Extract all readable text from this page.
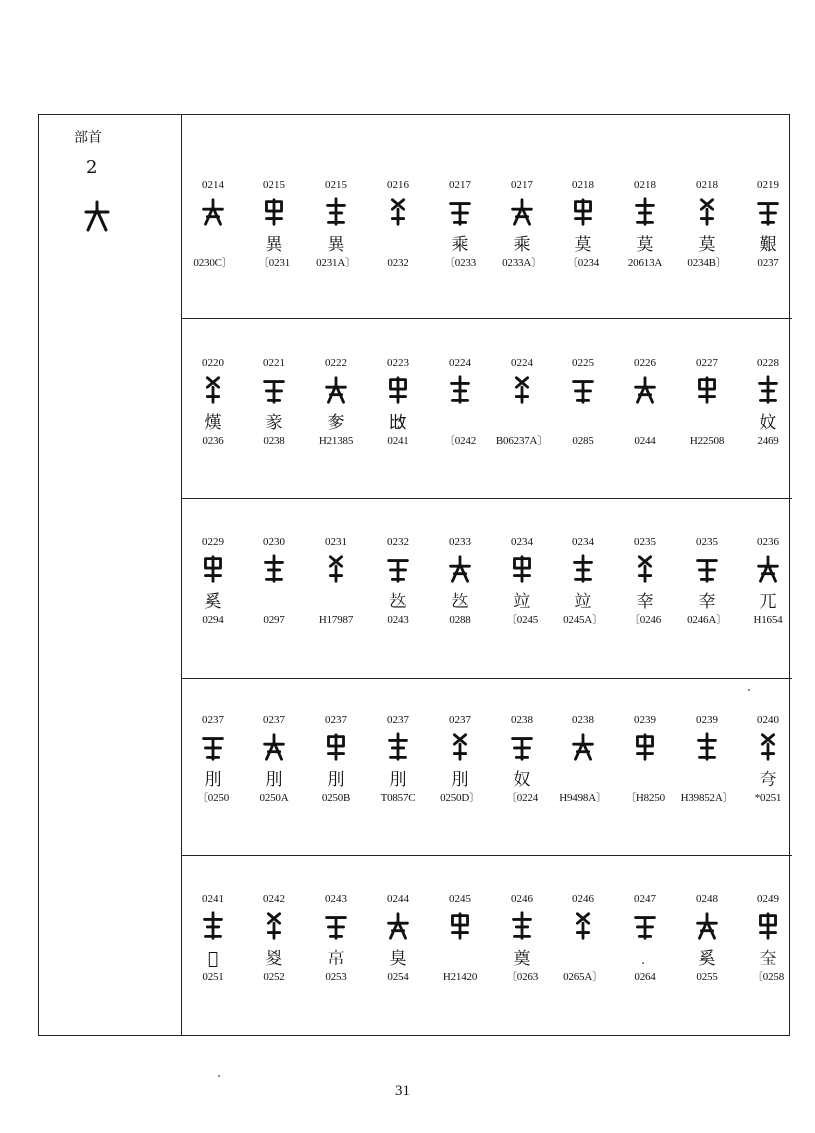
部首
2
0214
0230C〕
0215
異
〔0231
0215
異
0231A〕
0216
0232
0217
乘
〔0233
0217
乘
0233A〕
0218
莫
〔0234
0218
莫
20613A
0218
莫
0234B〕
0219
艱
0237
0220
熯
0236
0221
豙
0238
0222
奓
H21385
0223
𢻹
0241
0224
〔0242
0224
B06237A〕
0225
0285
0226
0244
0227
H22508
0228
妏
2469
0229
奚
0294
0230
0297
0231
H17987
0232
𢼁
0243
0233
𢼁
0288
0234
竝
〔0245
0234
竝
0245A〕
0235
㚔
〔0246
0235
㚔
0246A〕
0236
兀
H1654
0237
刖
〔0250
0237
刖
0250A
0237
刖
0250B
0237
刖
T0857C
0237
刖
0250D〕
0238
奴
〔0224
0238
H9498A〕
0239
〔H8250
0239
H39852A〕
0240
𡗝
*0251
0241
𢿕
0251
0242
㚇
0252
0243
𢂋
0253
0244
臭
0254
0245
H21420
0246
奠
〔0263
0246
0265A〕
0247
0264
0248
奚
0255
0249
𡘇
〔0258
31
